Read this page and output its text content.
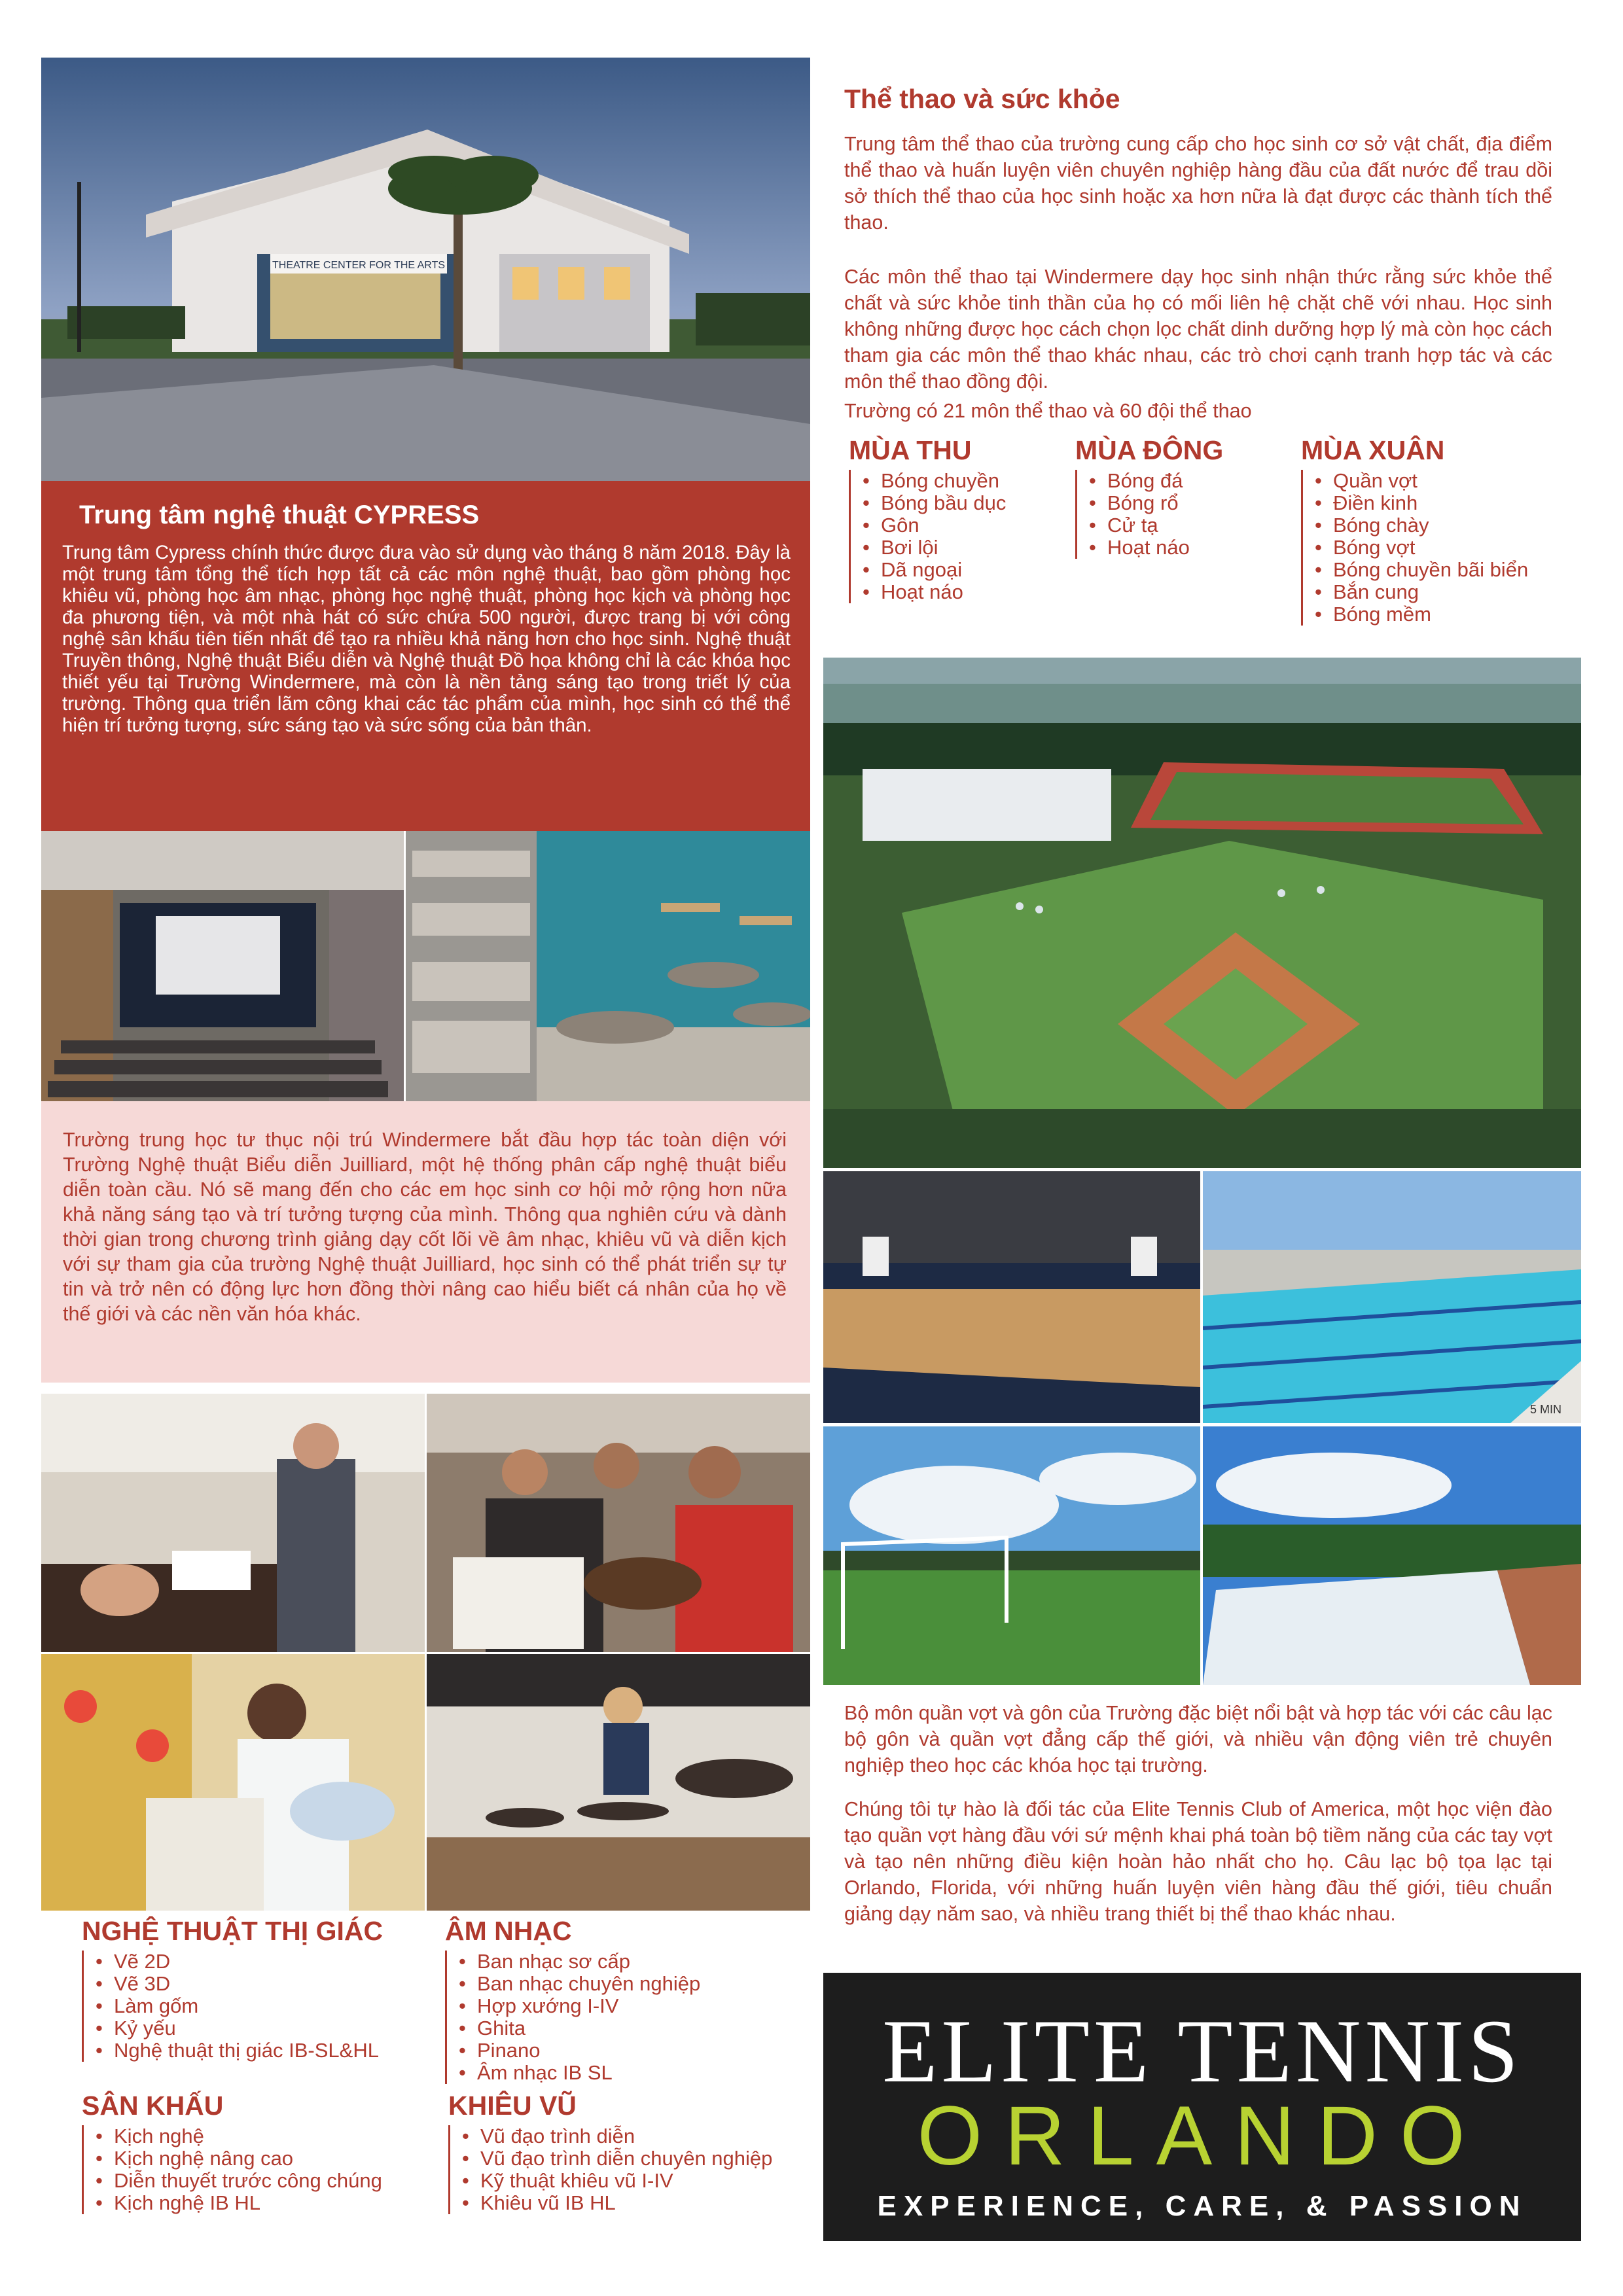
THEATRE CENTER FOR THE ARTS
Trung tâm nghệ thuật CYPRESS

Trung tâm Cypress chính thức được đưa vào sử dụng vào tháng 8 năm 2018. Đây là một trung tâm tổng thể tích hợp tất cả các môn nghệ thuật, bao gồm phòng học khiêu vũ, phòng học âm nhạc, phòng học nghệ thuật, phòng học kịch và phòng học đa phương tiện, và một nhà hát có sức chứa 500 người, được trang bị với công nghệ sân khấu tiên tiến nhất để tạo ra nhiều khả năng hơn cho học sinh. Nghệ thuật Truyền thông, Nghệ thuật Biểu diễn và Nghệ thuật Đồ họa không chỉ là các khóa học thiết yếu tại Trường Windermere, mà còn là nền tảng sáng tạo trong triết lý của trường. Thông qua triển lãm công khai các tác phẩm của mình, học sinh có thể thể hiện trí tưởng tượng, sức sáng tạo và sức sống của bản thân.

Trường trung học tư thục nội trú Windermere bắt đầu hợp tác toàn diện với Trường Nghệ thuật Biểu diễn Juilliard, một hệ thống phân cấp nghệ thuật biểu diễn toàn cầu. Nó sẽ mang đến cho các em học sinh cơ hội mở rộng hơn nữa khả năng sáng tạo và trí tưởng tượng của mình. Thông qua nghiên cứu và dành thời gian trong chương trình giảng dạy cốt lõi về âm nhạc, khiêu vũ và diễn kịch với sự tham gia của trường Nghệ thuật Juilliard, học sinh có thể phát triển sự tự tin và trở nên có động lực hơn đồng thời nâng cao hiểu biết cá nhân của họ về thế giới và các nền văn hóa khác.

NGHỆ THUẬT THỊ GIÁC
• Vẽ 2D
• Vẽ 3D
• Làm gốm
• Kỷ yếu
• Nghệ thuật thị giác IB-SL&HL
ÂM NHẠC
• Ban nhạc sơ cấp
• Ban nhạc chuyên nghiệp
• Hợp xướng I-IV
• Ghita
• Pinano
• Âm nhạc IB SL
SÂN KHẤU
• Kịch nghệ
• Kịch nghệ nâng cao
• Diễn thuyết trước công chúng
• Kịch nghệ IB HL
KHIÊU VŨ
• Vũ đạo trình diễn
• Vũ đạo trình diễn chuyên nghiệp
• Kỹ thuật khiêu vũ I-IV
• Khiêu vũ IB HL
Thể thao và sức khỏe

Trung tâm thể thao của trường cung cấp cho học sinh cơ sở vật chất, địa điểm thể thao và huấn luyện viên chuyên nghiệp hàng đầu của đất nước để trau dồi sở thích thể thao của học sinh hoặc xa hơn nữa là đạt được các thành tích thể thao.

Các môn thể thao tại Windermere dạy học sinh nhận thức rằng sức khỏe thể chất và sức khỏe tinh thần của họ có mối liên hệ chặt chẽ với nhau. Học sinh không những được học cách chọn lọc chất dinh dưỡng hợp lý mà còn học cách tham gia các môn thể thao khác nhau, các trò chơi cạnh tranh hợp tác và các môn thể thao đồng đội.

Trường có 21 môn thể thao và 60 đội thể thao

MÙA THU
• Bóng chuyền
• Bóng bầu dục
• Gôn
• Bơi lội
• Dã ngoại
• Hoạt náo
MÙA ĐÔNG
• Bóng đá
• Bóng rổ
• Cử tạ
• Hoạt náo
MÙA XUÂN
• Quần vợt
• Điền kinh
• Bóng chày
• Bóng vợt
• Bóng chuyền bãi biển
• Bắn cung
• Bóng mềm
5 MIN

Bộ môn quần vợt và gôn của Trường đặc biệt nổi bật và hợp tác với các câu lạc bộ gôn và quần vợt đẳng cấp thế giới, và nhiều vận động viên trẻ chuyên nghiệp theo học các khóa học tại trường.

Chúng tôi tự hào là đối tác của Elite Tennis Club of America, một học viện đào tạo quần vợt hàng đầu với sứ mệnh khai phá toàn bộ tiềm năng của các tay vợt và tạo nên những điều kiện hoàn hảo nhất cho họ. Câu lạc bộ tọa lạc tại Orlando, Florida, với những huấn luyện viên hàng đầu thế giới, tiêu chuẩn giảng dạy năm sao, và nhiều trang thiết bị thể thao khác nhau.

ELITE TENNIS
ORLANDO
EXPERIENCE, CARE, & PASSION
